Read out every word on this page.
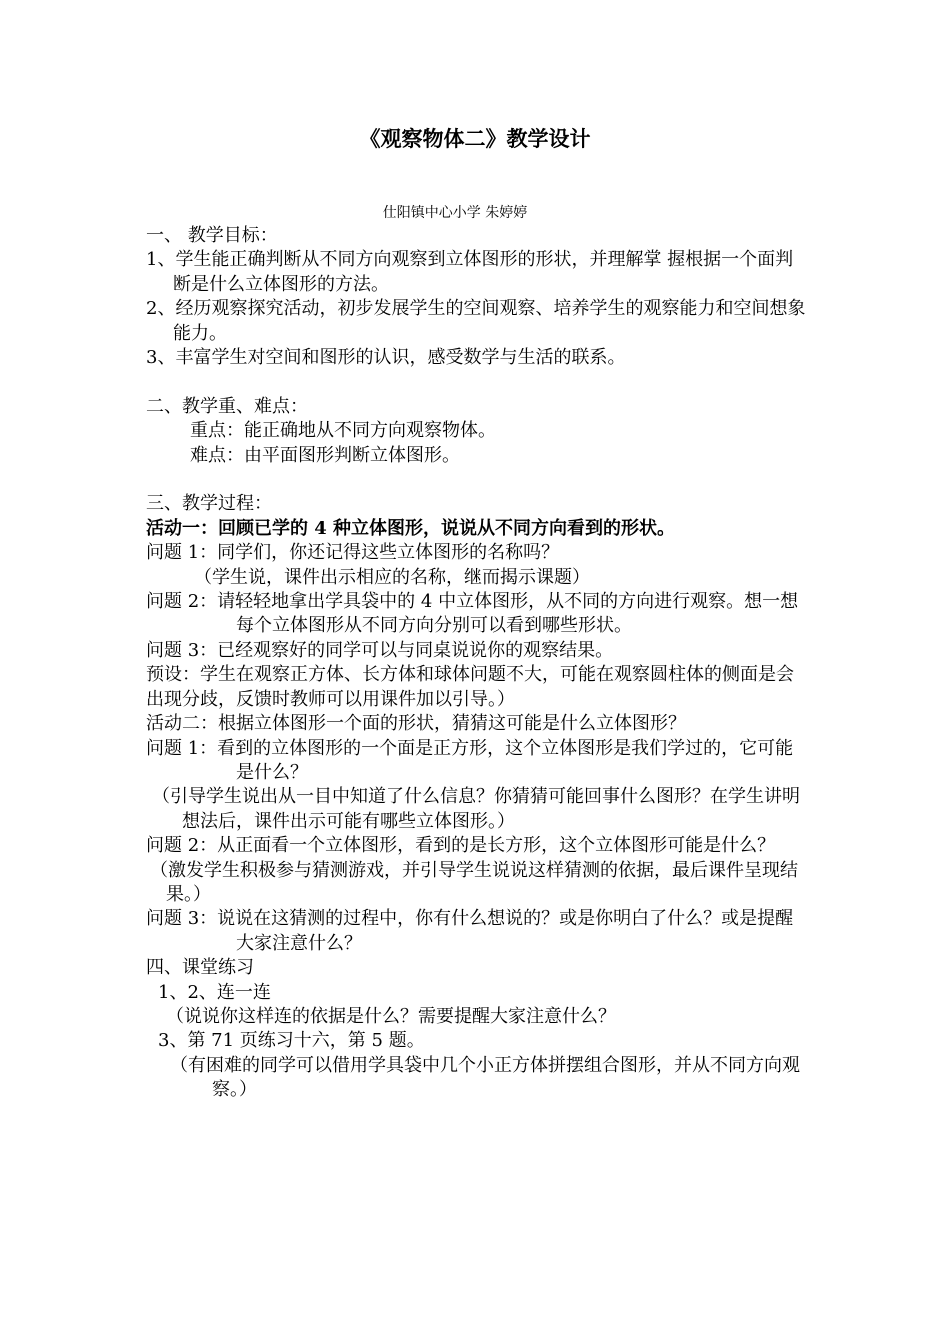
《观察物体二》教学设计
仕阳镇中心小学 朱婷婷

一、 教学目标：

1、学生能正确判断从不同方向观察到立体图形的形状，并理解掌 握根据一个面判断是什么立体图形的方法。

2、经历观察探究活动，初步发展学生的空间观察、培养学生的观察能力和空间想象能力。

3、丰富学生对空间和图形的认识，感受数学与生活的联系。

二、教学重、难点：

重点：能正确地从不同方向观察物体。

难点：由平面图形判断立体图形。

三、教学过程：

活动一：回顾已学的 4 种立体图形，说说从不同方向看到的形状。

问题 1：同学们，你还记得这些立体图形的名称吗？

（学生说，课件出示相应的名称，继而揭示课题）

问题 2：请轻轻地拿出学具袋中的 4 中立体图形，从不同的方向进行观察。想一想每个立体图形从不同方向分别可以看到哪些形状。

问题 3：已经观察好的同学可以与同桌说说你的观察结果。

预设：学生在观察正方体、长方体和球体问题不大，可能在观察圆柱体的侧面是会出现分歧，反馈时教师可以用课件加以引导。）

活动二：根据立体图形一个面的形状，猜猜这可能是什么立体图形？

问题 1：看到的立体图形的一个面是正方形，这个立体图形是我们学过的，它可能是什么？

（引导学生说出从一目中知道了什么信息？你猜猜可能回事什么图形？在学生讲明想法后，课件出示可能有哪些立体图形。）

问题 2：从正面看一个立体图形，看到的是长方形，这个立体图形可能是什么？

（激发学生积极参与猜测游戏，并引导学生说说这样猜测的依据，最后课件呈现结果。）

问题 3：说说在这猜测的过程中，你有什么想说的？或是你明白了什么？或是提醒大家注意什么？

四、课堂练习

1、2、连一连

（说说你这样连的依据是什么？需要提醒大家注意什么？

3、第 71 页练习十六，第 5 题。

（有困难的同学可以借用学具袋中几个小正方体拼摆组合图形，并从不同方向观察。）
